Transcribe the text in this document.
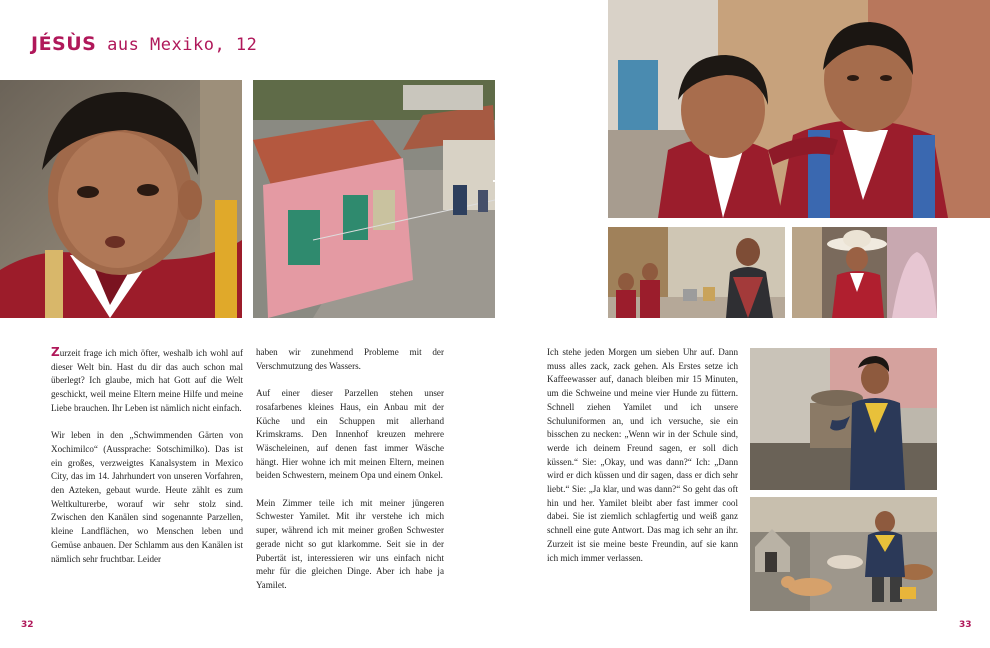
JÉSÙS aus Mexiko, 12

Zurzeit frage ich mich öfter, weshalb ich wohl auf dieser Welt bin. Hast du dir das auch schon mal überlegt? Ich glaube, mich hat Gott auf die Welt geschickt, weil meine Eltern meine Hilfe und meine Liebe brauchen. Ihr Leben ist nämlich nicht einfach.

Wir leben in den „Schwimmenden Gärten von Xochimilco“ (Aussprache: Sotschimilko). Das ist ein großes, verzweigtes Kanalsystem in Mexico City, das im 14. Jahrhundert von unseren Vorfahren, den Azteken, gebaut wurde. Heute zählt es zum Weltkulturerbe, worauf wir sehr stolz sind. Zwischen den Kanälen sind sogenannte Parzellen, kleine Landflächen, wo Menschen leben und Gemüse anbauen. Der Schlamm aus den Kanälen ist nämlich sehr fruchtbar. Leider

haben wir zunehmend Probleme mit der Verschmutzung des Wassers.

Auf einer dieser Parzellen stehen unser rosafarbenes kleines Haus, ein Anbau mit der Küche und ein Schuppen mit allerhand Krimskrams. Den Innenhof kreuzen mehrere Wäscheleinen, auf denen fast immer Wäsche hängt. Hier wohne ich mit meinen Eltern, meinen beiden Schwestern, meinem Opa und einem Onkel.

Mein Zimmer teile ich mit meiner jüngeren Schwester Yamilet. Mit ihr verstehe ich mich super, während ich mit meiner großen Schwester gerade nicht so gut klarkomme. Seit sie in der Pubertät ist, interessieren wir uns einfach nicht mehr für die gleichen Dinge. Aber ich habe ja Yamilet.

32

Ich stehe jeden Morgen um sieben Uhr auf. Dann muss alles zack, zack gehen. Als Erstes setze ich Kaffeewasser auf, danach bleiben mir 15 Minuten, um die Schweine und meine vier Hunde zu füttern. Schnell ziehen Yamilet und ich unsere Schuluniformen an, und ich versuche, sie ein bisschen zu necken: „Wenn wir in der Schule sind, werde ich deinem Freund sagen, er soll dich küssen.“ Sie: „Okay, und was dann?“ Ich: „Dann wird er dich küssen und dir sagen, dass er dich sehr liebt.“ Sie: „Ja klar, und was dann?“ So geht das oft hin und her. Yamilet bleibt aber fast immer cool dabei. Sie ist ziemlich schlagfertig und weiß ganz schnell eine gute Antwort. Das mag ich sehr an ihr. Zurzeit ist sie meine beste Freundin, auf sie kann ich mich immer verlassen.

33
